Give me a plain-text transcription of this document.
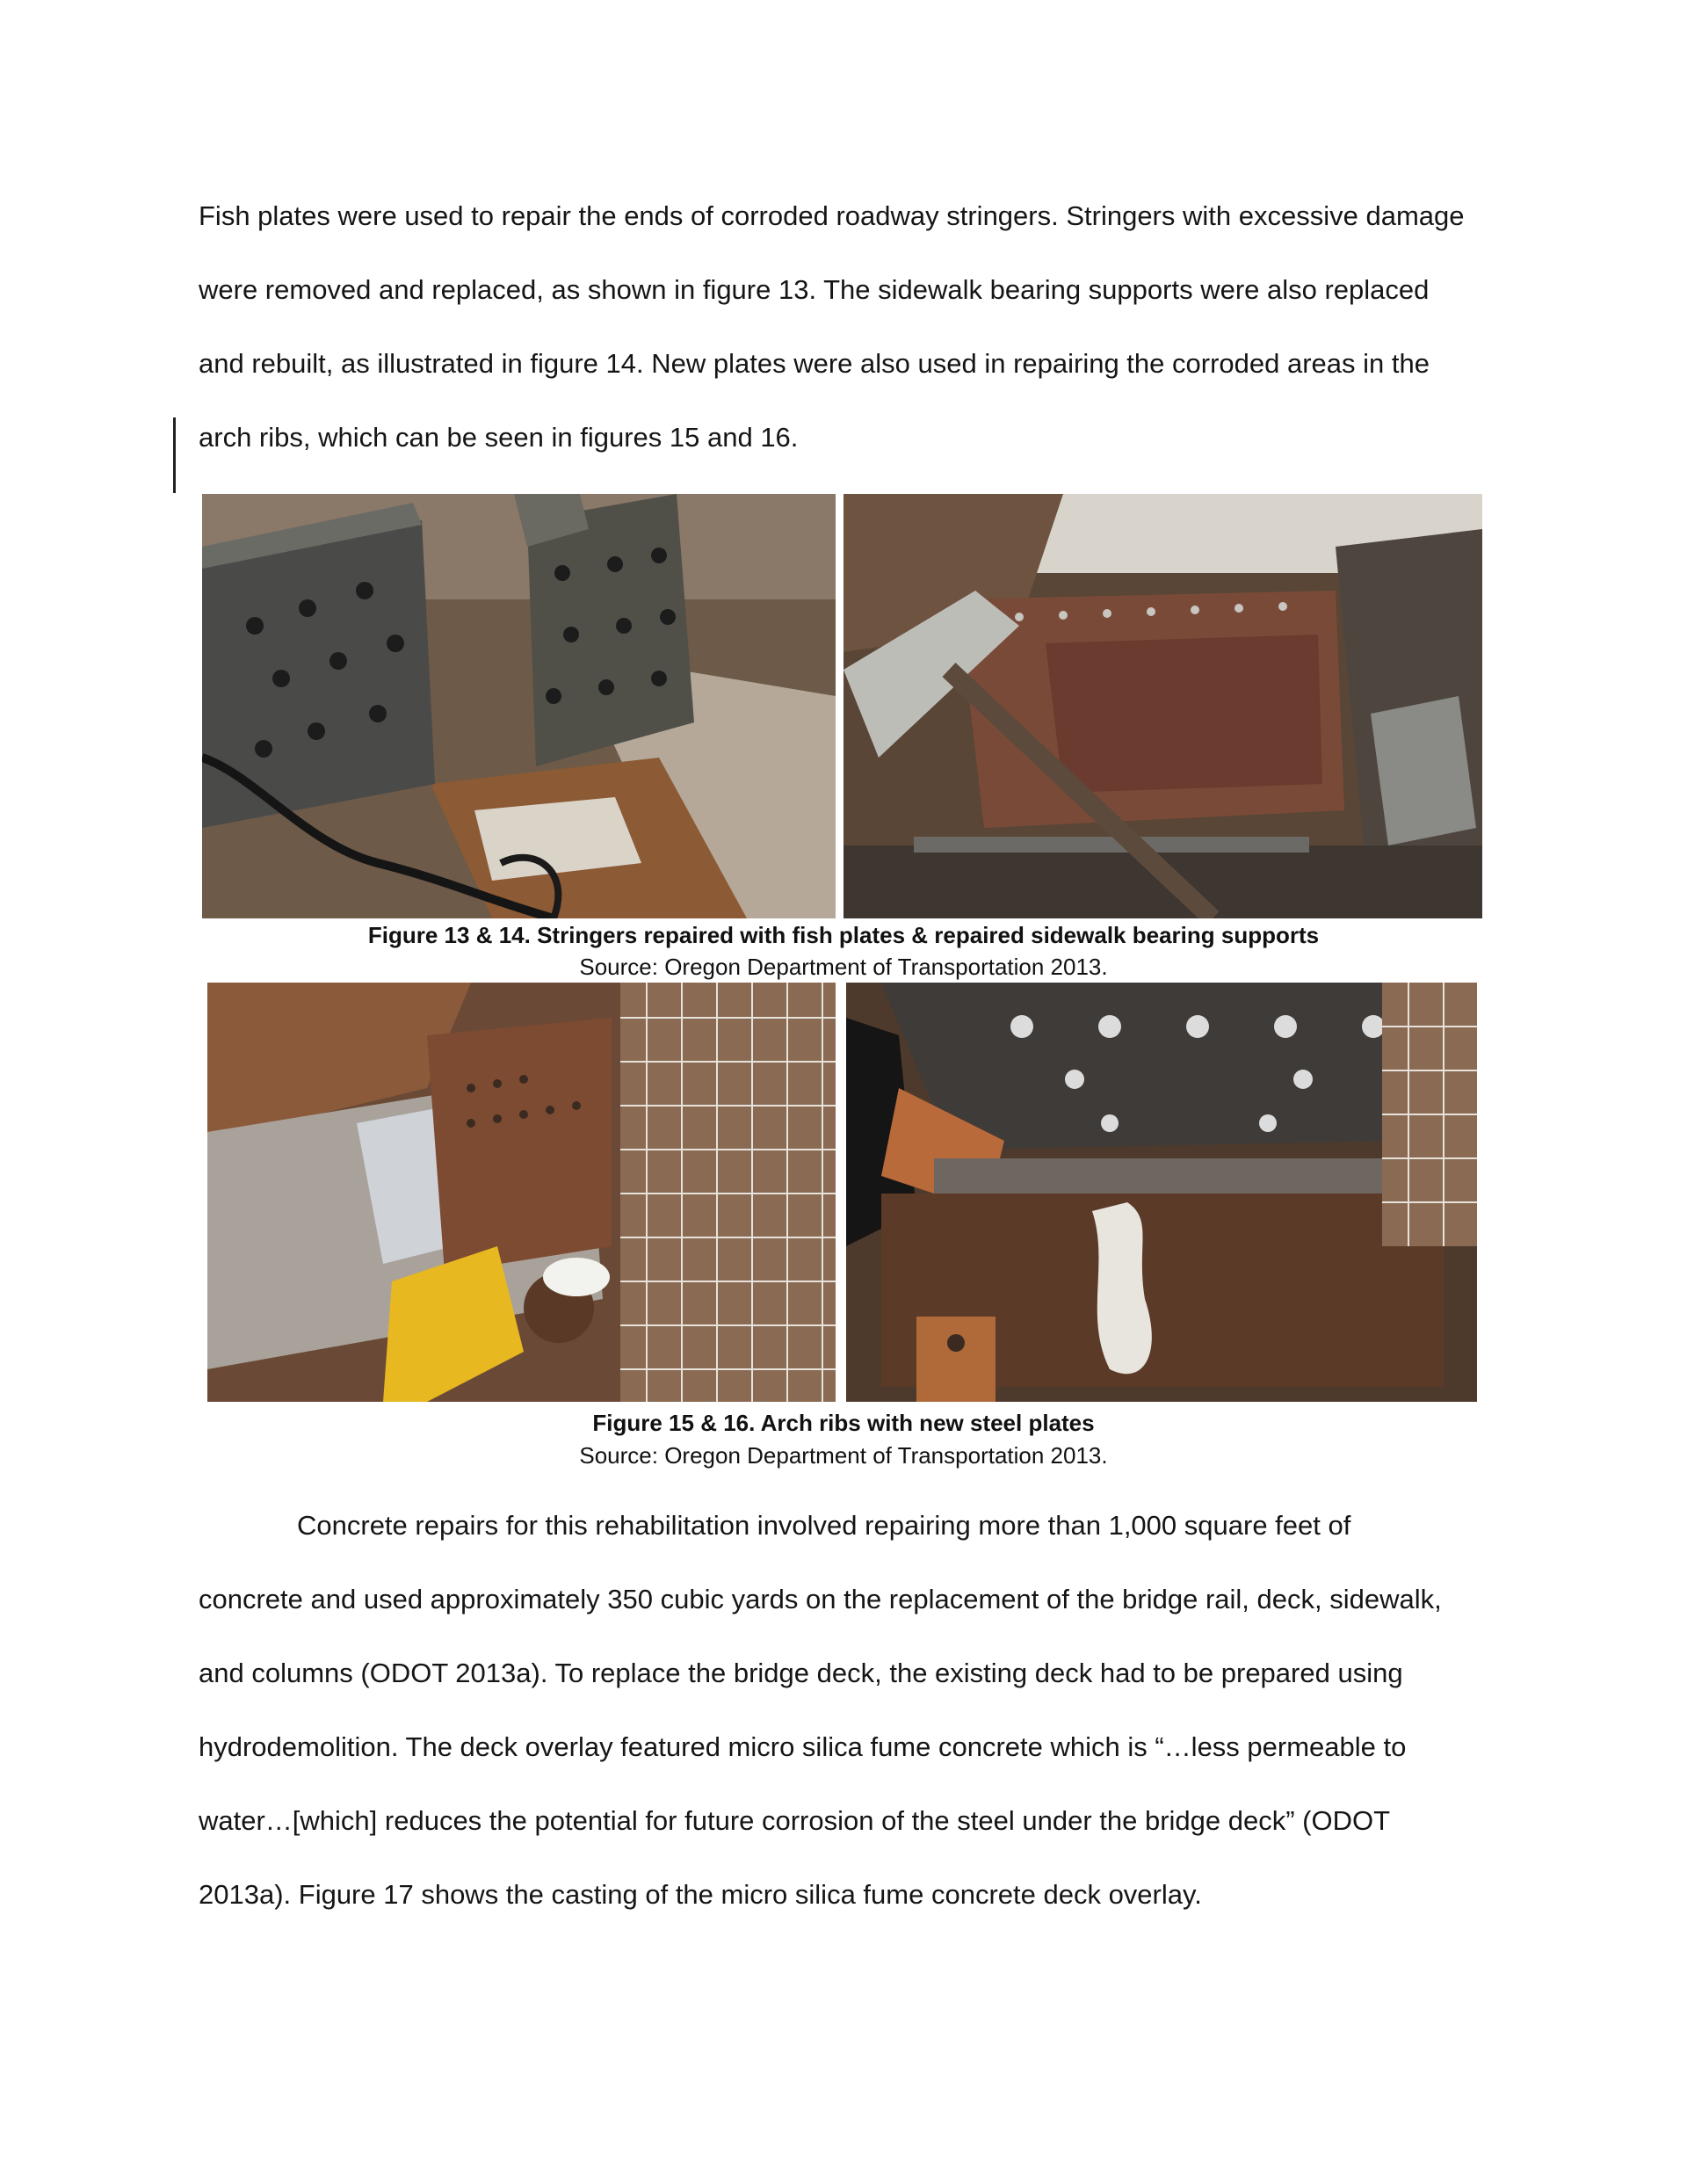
Fish plates were used to repair the ends of corroded roadway stringers. Stringers with excessive damage

were removed and replaced, as shown in figure 13. The sidewalk bearing supports were also replaced

and rebuilt, as illustrated in figure 14. New plates were also used in repairing the corroded areas in the

arch ribs, which can be seen in figures 15 and 16.

Figure 13 & 14. Stringers repaired with fish plates & repaired sidewalk bearing supports

Source: Oregon Department of Transportation 2013.

Figure 15 & 16. Arch ribs with new steel plates

Source: Oregon Department of Transportation 2013.

Concrete repairs for this rehabilitation involved repairing more than 1,000 square feet of

concrete and used approximately 350 cubic yards on the replacement of the bridge rail, deck, sidewalk,

and columns (ODOT 2013a). To replace the bridge deck, the existing deck had to be prepared using

hydrodemolition. The deck overlay featured micro silica fume concrete which is “…less permeable to

water…[which] reduces the potential for future corrosion of the steel under the bridge deck” (ODOT

2013a). Figure 17 shows the casting of the micro silica fume concrete deck overlay.
